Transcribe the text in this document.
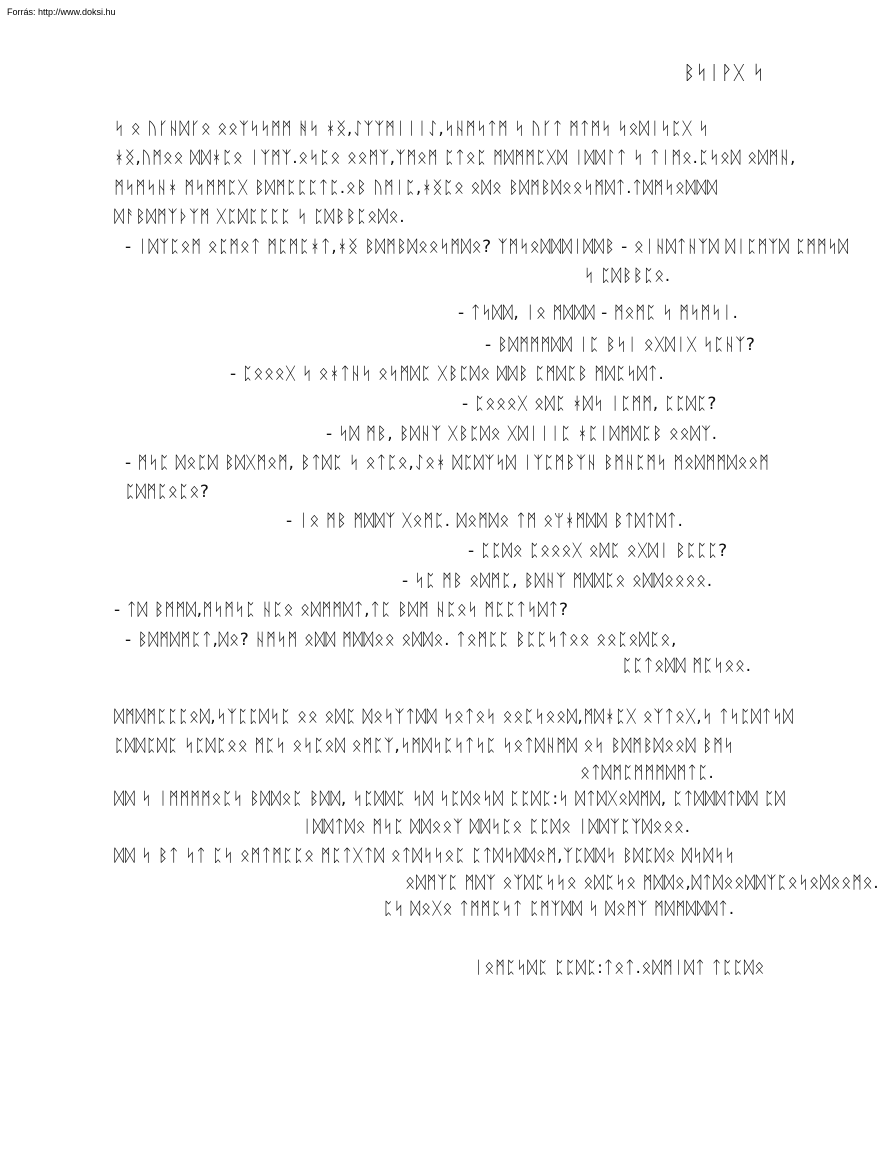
Forrás: http://www.doksi.hu
ᛒᛋᛁᚹᚷ ᛋ
ᛋ ᛟ ᚢᚴᚺᛞᚴᛟ ᛟᛟᛉᛋᛋᛗᛗ ᚻᛋ ᚼᛝ,ᛇᛉᛉᛗᛁᛁᛁᛇ,ᛋᚺᛗᛋᛏᛗ ᛋ ᚢᚴᛏ ᛗᛏᛗᛋ ᛋᛟᛞᛁᛋᛈᚷ ᛋ
ᚼᛝ,ᚢᛗᛟᛟ ᛞᛞᚼᛈᛟ ᛁᛉᛗᛉ.ᛟᛋᛈᛟ ᛟᛟᛗᛉ,ᛉᛗᛟᛗ ᛈᛏᛟᛈ ᛗᛞᛗᛗᛈᚷᛞ ᛁᛞᛞᛚᛏ ᛋ ᛏᛁᛗᛟ.ᛈᛋᛟᛞ ᛟᛞᛗᚺ,
ᛗᛋᛗᛋᚺᚼ ᛗᛋᛗᛗᛈᚷ ᛒᛞᛗᛈᛈᛈᛏᛈ.ᛟᛒ ᚢᛗᛁᛈ,ᚼᛝᛈᛟ ᛟᛞᛟ ᛒᛞᛗᛒᛞᛟᛟᛋᛗᛞᛏ.ᛏᛞᛗᛋᛟᛞᛞᛞ
ᛞᚨᛒᛞᛗᛉᚦᛉᛗ ᚷᛈᛞᛈᛈᛈᛈ ᛋ ᛈᛞᛒᛒᛈᛟᛞᛟ.
- ᛁᛞᛉᛈᛟᛗ ᛟᛈᛗᛟᛏ ᛗᛈᛗᛈᚼᛏ,ᚼᛝ ᛒᛞᛗᛒᛞᛟᛟᛋᛗᛞᛟ? ᛉᛗᛋᛟᛞᛞᛞᛁᛞᛞᛒ - ᛟᛁᚺᛞᛏᚺᛉᛞ ᛞᛁᛈᛗᛉᛞ ᛈᛗᛗᛋᛞ
ᛋ ᛈᛞᛒᛒᛈᛟ.
- ᛏᛋᛞᛞ, ᛁᛟ ᛗᛞᛞᛞ - ᛗᛟᛗᛈ ᛋ ᛗᛋᛗᛋᛁ.
- ᛒᛞᛗᛗᛗᛞᛞ ᛁᛈ ᛒᛋᛁ ᛟᚷᛞᛁᚷ ᛋᛈᚺᛉ?
- ᛈᛟᛟᛟᚷ ᛋ ᛟᚼᛏᚺᛋ ᛟᛋᛗᛞᛈ ᚷᛒᛈᛞᛟ ᛞᛞᛒ ᛈᛗᛞᛈᛒ ᛗᛞᛈᛋᛞᛏ.
- ᛈᛟᛟᛟᚷ ᛟᛞᛈ ᚼᛞᛋ ᛁᛈᛗᛗ, ᛈᛈᛞᛈ?
- ᛋᛞ ᛗᛒ, ᛒᛞᚺᛉ ᚷᛒᛈᛞᛟ ᚷᛞᛁᛁᛁᛈ ᚼᛈᛁᛞᛗᛞᛈᛒ ᛟᛟᛞᛉ.
- ᛗᛋᛈ ᛞᛟᛈᛞ ᛒᛞᚷᛗᛟᛗ, ᛒᛏᛞᛈ ᛋ ᛟᛏᛈᛟ,ᛇᛟᚼ ᛞᛈᛞᛉᛋᛞ ᛁᛉᛈᛗᛒᛉᚺ ᛒᛗᚺᛈᛗᛋ ᛗᛟᛞᛗᛗᛞᛟᛟᛗ
ᛈᛞᛗᛈᛟᛈᛟ?
- ᛁᛟ ᛗᛒ ᛗᛞᛞᛉ ᚷᛟᛗᛈ. ᛞᛟᛗᛞᛟ ᛏᛗ ᛟᛘᚼᛗᛞᛞ ᛒᛏᛞᛏᛞᛏ.
- ᛈᛈᛞᛟ ᛈᛟᛟᛟᚷ ᛟᛞᛈ ᛟᚷᛞᛁ ᛒᛈᛈᛈ?
- ᛋᛈ ᛗᛒ ᛟᛞᛗᛈ, ᛒᛞᚺᛉ ᛗᛞᛞᛈᛟ ᛟᛞᛞᛟᛟᛟᛟ.
- ᛏᛞ ᛒᛗᛗᛞ,ᛗᛋᛗᛋᛈ ᚺᛈᛟ ᛟᛞᛗᛗᛞᛏ,ᛏᛈ ᛒᛞᛗ ᚺᛈᛟᛋ ᛗᛈᛈᛏᛋᛞᛏ?
- ᛒᛞᛗᛞᛗᛈᛏ,ᛞᛟ? ᚺᛗᛋᛗ ᛟᛞᛞ ᛗᛞᛞᛟᛟ ᛟᛞᛞᛟ. ᛏᛟᛗᛈᛈ ᛒᛈᛈᛋᛏᛟᛟ ᛟᛟᛈᛟᛞᛈᛟ,
ᛈᛈᛏᛟᛞᛞ ᛗᛈᛋᛟᛟ.
ᛞᛗᛞᛗᛈᛈᛈᛟᛞ,ᛋᛉᛈᛈᛞᛋᛈ ᛟᛟ ᛟᛞᛈ ᛞᛟᛋᛉᛏᛞᛞ ᛋᛟᛏᛟᛋ ᛟᛟᛈᛋᛟᛟᛞ,ᛗᛞᚼᛈᚷ ᛟᛉᛏᛟᚷ,ᛋ ᛏᛋᛈᛞᛏᛋᛞ
ᛈᛞᛞᛈᛞᛈ ᛋᛈᛞᛈᛟᛟ ᛗᛈᛋ ᛟᛋᛈᛟᛞ ᛟᛗᛈᛉ,ᛋᛗᛞᛋᛈᛋᛏᛋᛈ ᛋᛟᛏᛞᚺᛗᛞ ᛟᛋ ᛒᛞᛗᛒᛞᛟᛟᛞ ᛒᛗᛋ
ᛟᛏᛞᛗᛈᛗᛗᛗᛞᛗᛏᛈ.
ᛞᛞ ᛋ ᛁᛗᛗᛗᛗᛟᛈᛋ ᛒᛞᛞᛟᛈ ᛒᛞᛞ, ᛋᛈᛞᛞᛈ ᛋᛞ ᛋᛈᛞᛟᛋᛞ ᛈᛈᛞᛈ:ᛋ ᛞᛏᛞᚷᛟᛞᛗᛞ, ᛈᛏᛞᛞᛞᛏᛞᛞ ᛈᛞ
ᛁᛞᛞᛏᛞᛟ ᛗᛋᛈ ᛞᛞᛟᛟᛉ ᛞᛞᛋᛈᛟ ᛈᛈᛞᛟ ᛁᛞᛞᛉᛈᛉᛞᛟᛟᛟ.
ᛞᛞ ᛋ ᛒᛏ ᛋᛏ ᛈᛋ ᛟᛗᛏᛗᛈᛈᛟ ᛗᛈᛏᚷᛏᛞ ᛟᛏᛞᛋᛋᛟᛈ ᛈᛏᛞᛋᛞᛞᛟᛗ,ᛉᛈᛞᛞᛋ ᛒᛞᛈᛞᛟ ᛞᛋᛞᛋᛋ
ᛟᛞᛗᛉᛈ ᛗᛞᛉ ᛟᛉᛞᛈᛋᛋᛟ ᛟᛞᛈᛋᛟ ᛗᛞᛞᛟ,ᛞᛏᛞᛟᛟᛞᛞᛉᛈᛟᛋᛟᛞᛟᛟᛗᛟ.
ᛈᛋ ᛞᛟᚷᛟ ᛏᛗᛗᛈᛋᛏ ᛈᛗᛉᛞᛞ ᛋ ᛞᛟᛗᛉ ᛗᛞᛗᛞᛞᛞᛏ.
ᛁᛟᛗᛈᛋᛞᛈ ᛈᛈᛞᛈ:ᛏᛟᛏ.ᛟᛞᛗᛁᛞᛏ ᛏᛈᛈᛞᛟ
